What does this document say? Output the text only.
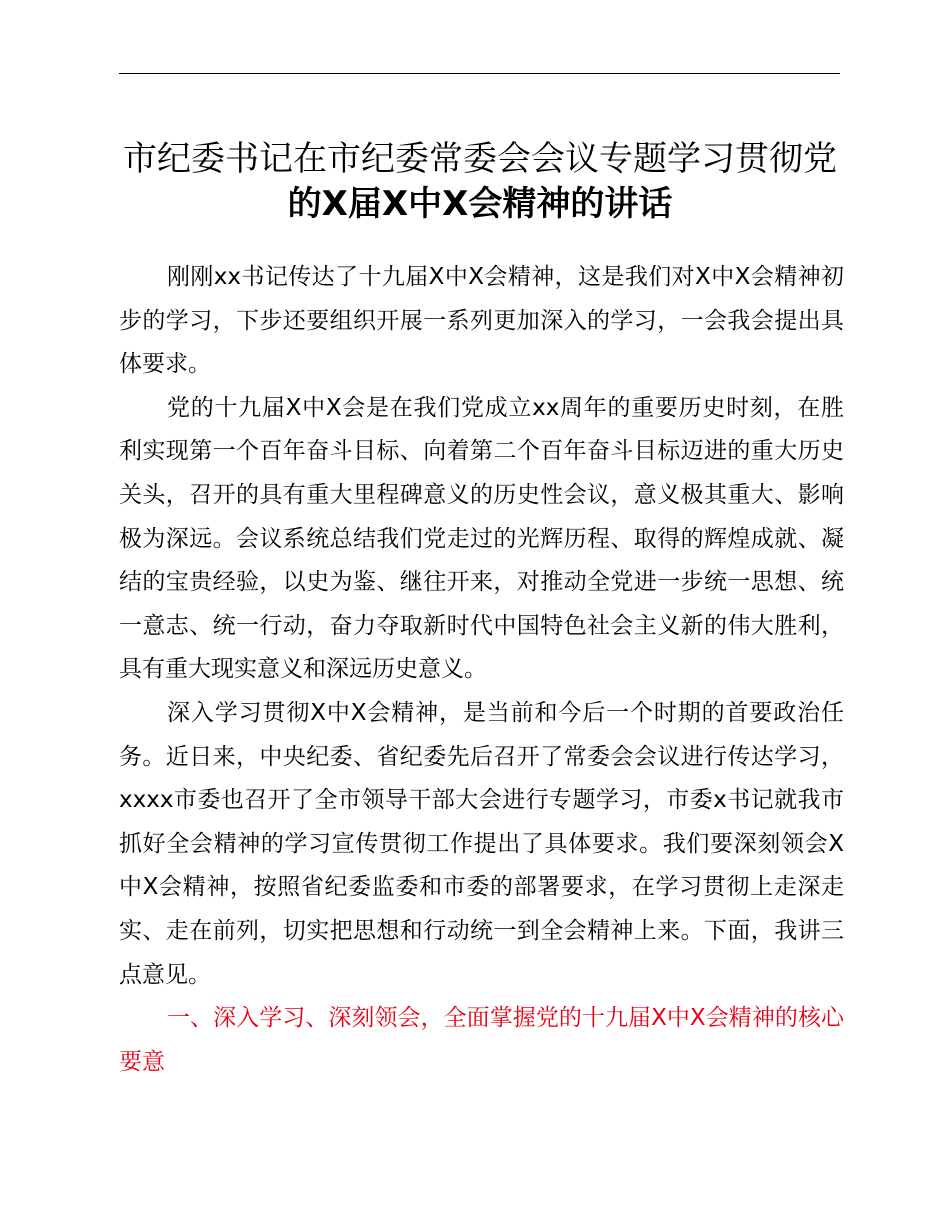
市纪委书记在市纪委常委会会议专题学习贯彻党
的X届X中X会精神的讲话

刚刚xx书记传达了十九届X中X会精神，这是我们对X中X会精神初步的学习，下步还要组织开展一系列更加深入的学习，一会我会提出具体要求。

党的十九届X中X会是在我们党成立xx周年的重要历史时刻，在胜利实现第一个百年奋斗目标、向着第二个百年奋斗目标迈进的重大历史关头，召开的具有重大里程碑意义的历史性会议，意义极其重大、影响极为深远。会议系统总结我们党走过的光辉历程、取得的辉煌成就、凝结的宝贵经验，以史为鉴、继往开来，对推动全党进一步统一思想、统一意志、统一行动，奋力夺取新时代中国特色社会主义新的伟大胜利，具有重大现实意义和深远历史意义。

深入学习贯彻X中X会精神，是当前和今后一个时期的首要政治任务。近日来，中央纪委、省纪委先后召开了常委会会议进行传达学习，xxxx市委也召开了全市领导干部大会进行专题学习，市委x书记就我市抓好全会精神的学习宣传贯彻工作提出了具体要求。我们要深刻领会X中X会精神，按照省纪委监委和市委的部署要求，在学习贯彻上走深走实、走在前列，切实把思想和行动统一到全会精神上来。下面，我讲三点意见。

一、深入学习、深刻领会，全面掌握党的十九届X中X会精神的核心要意
